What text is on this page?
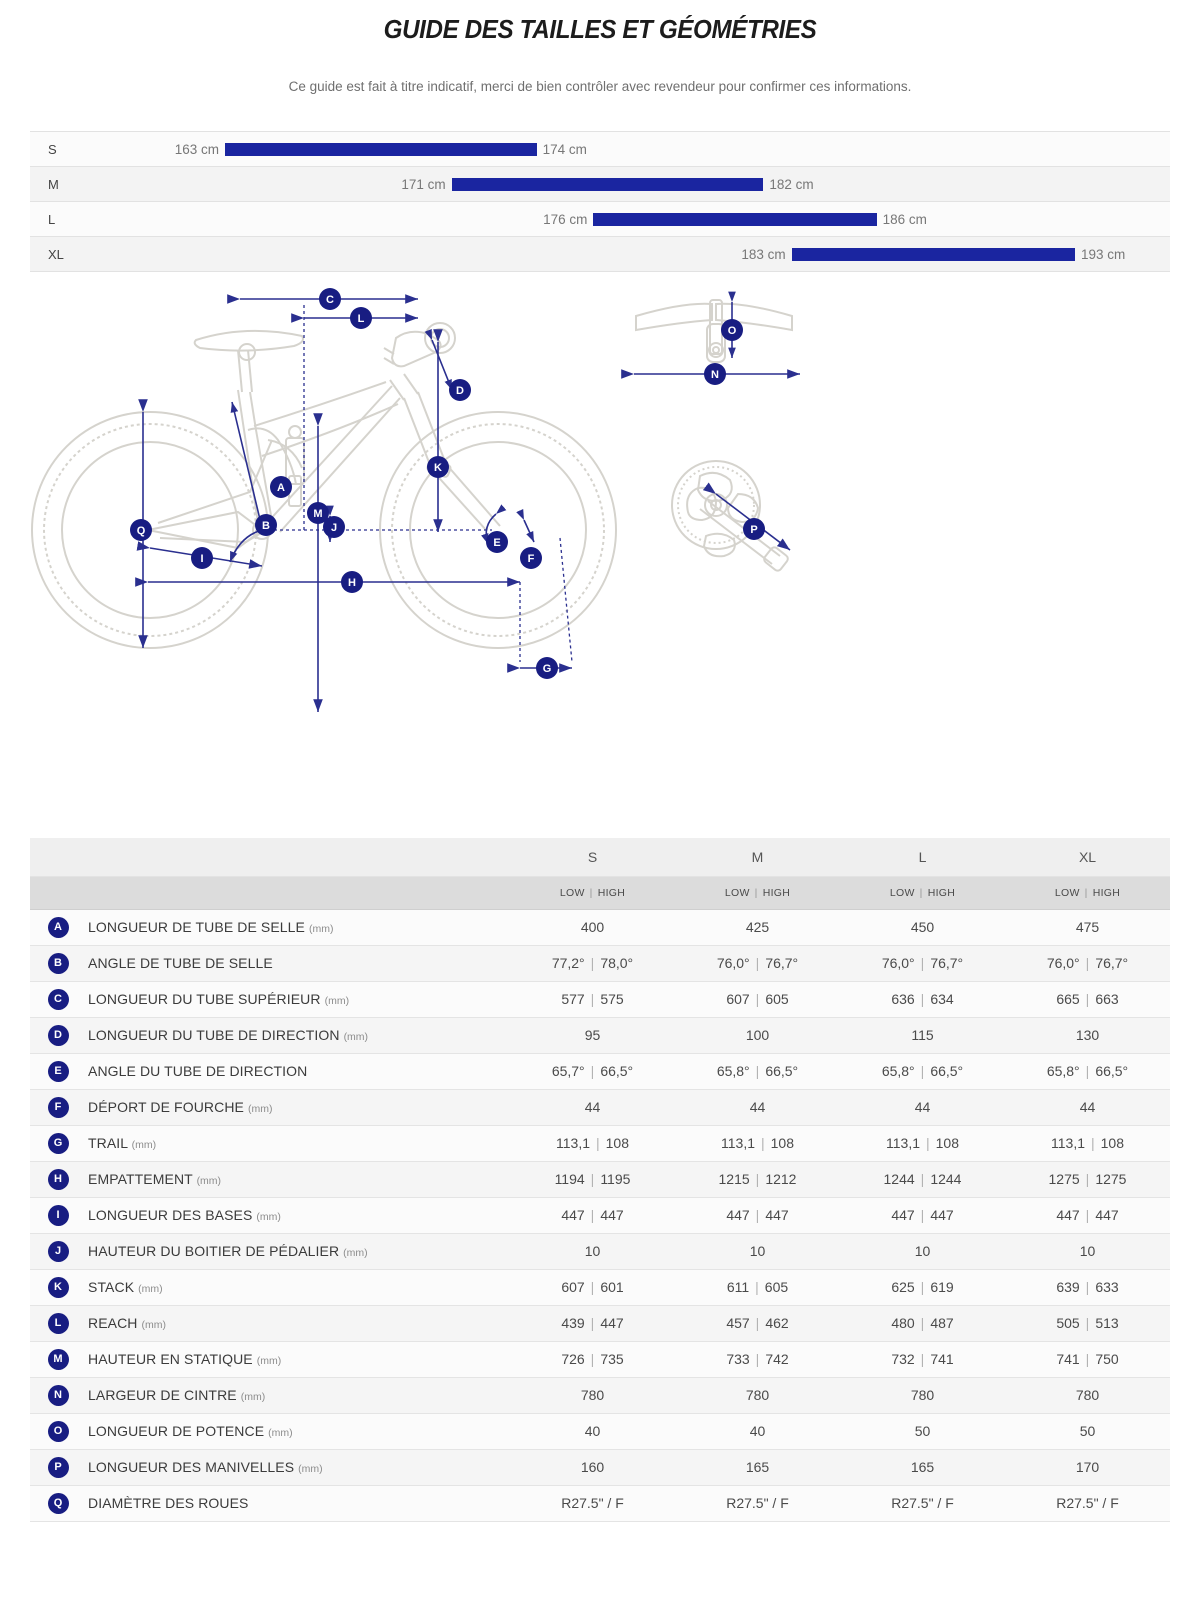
GUIDE DES TAILLES ET GÉOMÉTRIES

Ce guide est fait à titre indicatif, merci de bien contrôler avec revendeur pour confirmer ces informations.

S	163 cm	174 cm
M	171 cm	182 cm
L	176 cm	186 cm
XL	183 cm	193 cm
C
L
D
A
K
B
M
J
E
F
Q
I
H
G
O
N
P
		S	M	L	XL
		LOW | HIGH	LOW | HIGH	LOW | HIGH	LOW | HIGH
A	LONGUEUR DE TUBE DE SELLE (mm)	400	425	450	475
B	ANGLE DE TUBE DE SELLE	77,2° | 78,0°	76,0° | 76,7°	76,0° | 76,7°	76,0° | 76,7°
C	LONGUEUR DU TUBE SUPÉRIEUR (mm)	577 | 575	607 | 605	636 | 634	665 | 663
D	LONGUEUR DU TUBE DE DIRECTION (mm)	95	100	115	130
E	ANGLE DU TUBE DE DIRECTION	65,7° | 66,5°	65,8° | 66,5°	65,8° | 66,5°	65,8° | 66,5°
F	DÉPORT DE FOURCHE (mm)	44	44	44	44
G	TRAIL (mm)	113,1 | 108	113,1 | 108	113,1 | 108	113,1 | 108
H	EMPATTEMENT (mm)	1194 | 1195	1215 | 1212	1244 | 1244	1275 | 1275
I	LONGUEUR DES BASES (mm)	447 | 447	447 | 447	447 | 447	447 | 447
J	HAUTEUR DU BOITIER DE PÉDALIER (mm)	10	10	10	10
K	STACK (mm)	607 | 601	611 | 605	625 | 619	639 | 633
L	REACH (mm)	439 | 447	457 | 462	480 | 487	505 | 513
M	HAUTEUR EN STATIQUE (mm)	726 | 735	733 | 742	732 | 741	741 | 750
N	LARGEUR DE CINTRE (mm)	780	780	780	780
O	LONGUEUR DE POTENCE (mm)	40	40	50	50
P	LONGUEUR DES MANIVELLES (mm)	160	165	165	170
Q	DIAMÈTRE DES ROUES	R27.5" / F	R27.5" / F	R27.5" / F	R27.5" / F
